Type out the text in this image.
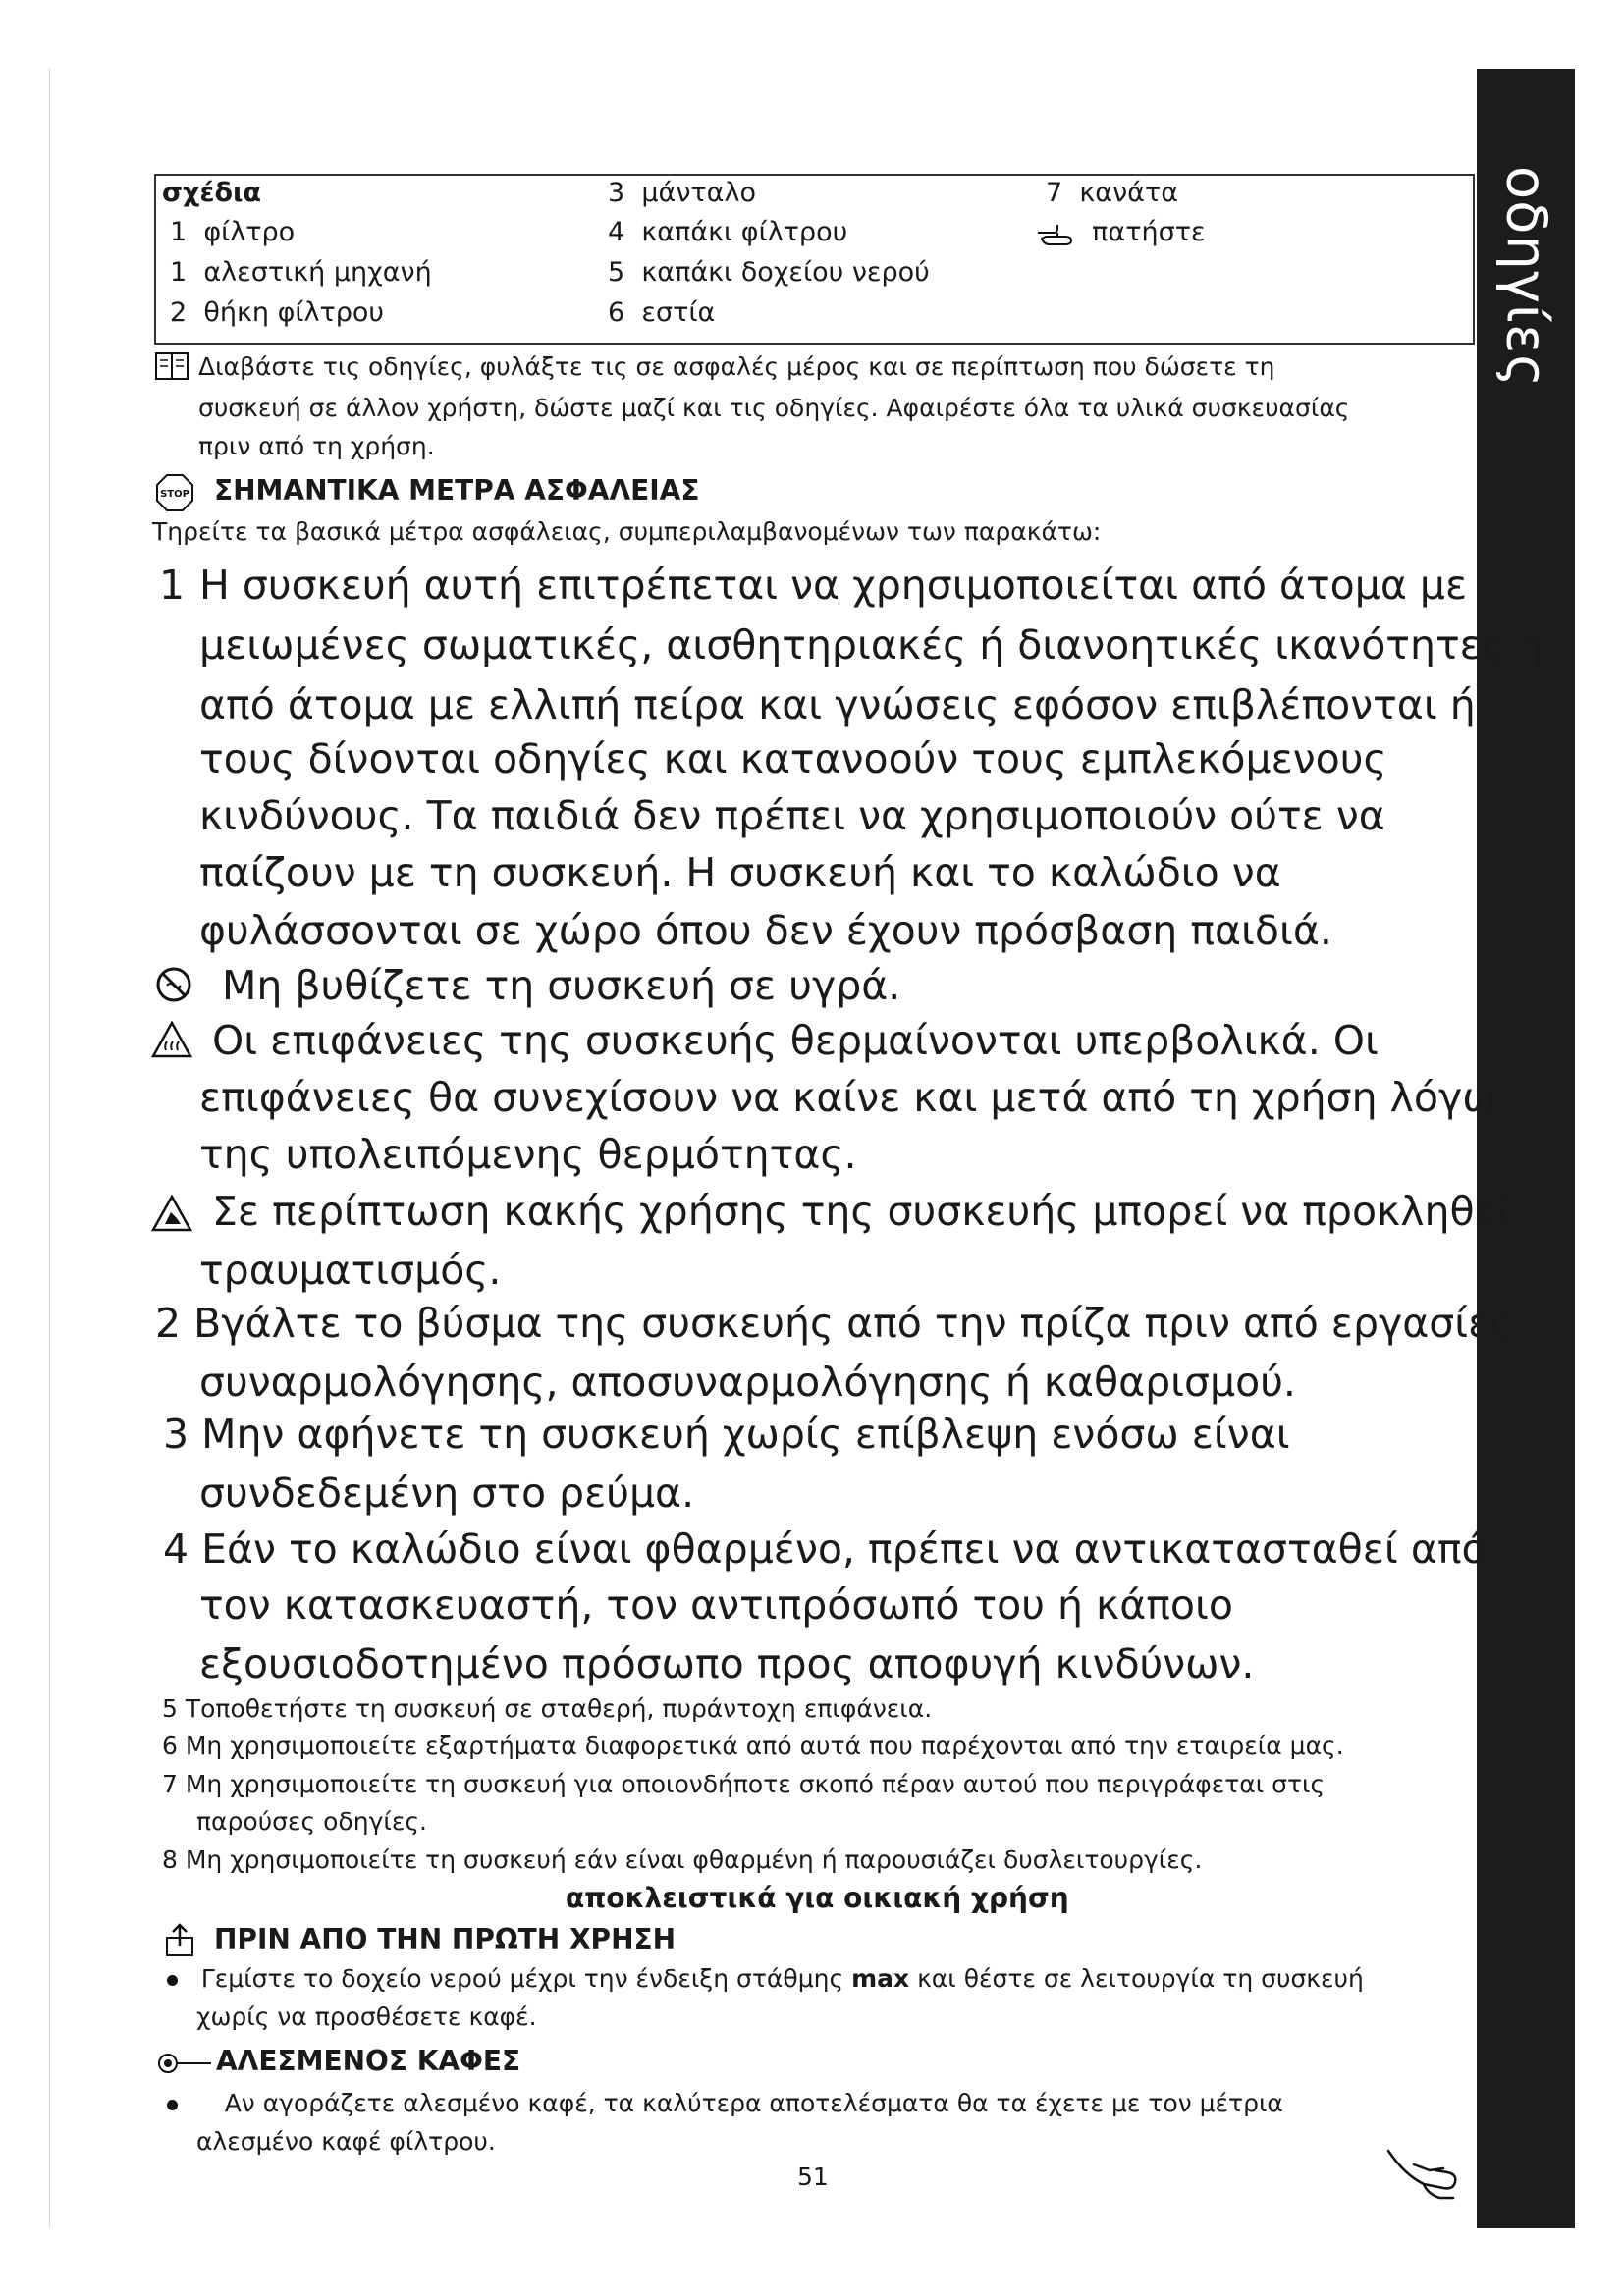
οδηγίες
σχέδια
1 φίλτρο
1 αλεστική μηχανή
2 θήκη φίλτρου
3 μάνταλο
4 καπάκι φίλτρου
5 καπάκι δοχείου νερού
6 εστία
7 κανάτα
πατήστε
Διαβάστε τις οδηγίες, φυλάξτε τις σε ασφαλές μέρος και σε περίπτωση που δώσετε τη
συσκευή σε άλλον χρήστη, δώστε μαζί και τις οδηγίες. Αφαιρέστε όλα τα υλικά συσκευασίας
πριν από τη χρήση.
STOP ΣΗΜΑΝΤΙΚΑ ΜΕΤΡΑ ΑΣΦΑΛΕΙΑΣ
Τηρείτε τα βασικά μέτρα ασφάλειας, συμπεριλαμβανομένων των παρακάτω:
1 Η συσκευή αυτή επιτρέπεται να χρησιμοποιείται από άτομα με
μειωμένες σωματικές, αισθητηριακές ή διανοητικές ικανότητες ή
από άτομα με ελλιπή πείρα και γνώσεις εφόσον επιβλέπονται ή
τους δίνονται οδηγίες και κατανοούν τους εμπλεκόμενους
κινδύνους. Τα παιδιά δεν πρέπει να χρησιμοποιούν ούτε να
παίζουν με τη συσκευή. Η συσκευή και το καλώδιο να
φυλάσσονται σε χώρο όπου δεν έχουν πρόσβαση παιδιά.
Μη βυθίζετε τη συσκευή σε υγρά.
Οι επιφάνειες της συσκευής θερμαίνονται υπερβολικά. Οι
επιφάνειες θα συνεχίσουν να καίνε και μετά από τη χρήση λόγω
της υπολειπόμενης θερμότητας.
Σε περίπτωση κακής χρήσης της συσκευής μπορεί να προκληθεί
τραυματισμός.
2 Βγάλτε το βύσμα της συσκευής από την πρίζα πριν από εργασίες
συναρμολόγησης, αποσυναρμολόγησης ή καθαρισμού.
3 Μην αφήνετε τη συσκευή χωρίς επίβλεψη ενόσω είναι
συνδεδεμένη στο ρεύμα.
4 Εάν το καλώδιο είναι φθαρμένο, πρέπει να αντικατασταθεί από
τον κατασκευαστή, τον αντιπρόσωπό του ή κάποιο
εξουσιοδοτημένο πρόσωπο προς αποφυγή κινδύνων.
5 Τοποθετήστε τη συσκευή σε σταθερή, πυράντοχη επιφάνεια.
6 Μη χρησιμοποιείτε εξαρτήματα διαφορετικά από αυτά που παρέχονται από την εταιρεία μας.
7 Μη χρησιμοποιείτε τη συσκευή για οποιονδήποτε σκοπό πέραν αυτού που περιγράφεται στις
παρούσες οδηγίες.
8 Μη χρησιμοποιείτε τη συσκευή εάν είναι φθαρμένη ή παρουσιάζει δυσλειτουργίες.
αποκλειστικά για οικιακή χρήση
ΠΡΙΝ ΑΠΟ ΤΗΝ ΠΡΩΤΗ ΧΡΗΣΗ
Γεμίστε το δοχείο νερού μέχρι την ένδειξη στάθμης max και θέστε σε λειτουργία τη συσκευή
χωρίς να προσθέσετε καφέ.
ΑΛΕΣΜΕΝΟΣ ΚΑΦΕΣ
Αν αγοράζετε αλεσμένο καφέ, τα καλύτερα αποτελέσματα θα τα έχετε με τον μέτρια
αλεσμένο καφέ φίλτρου.
51
